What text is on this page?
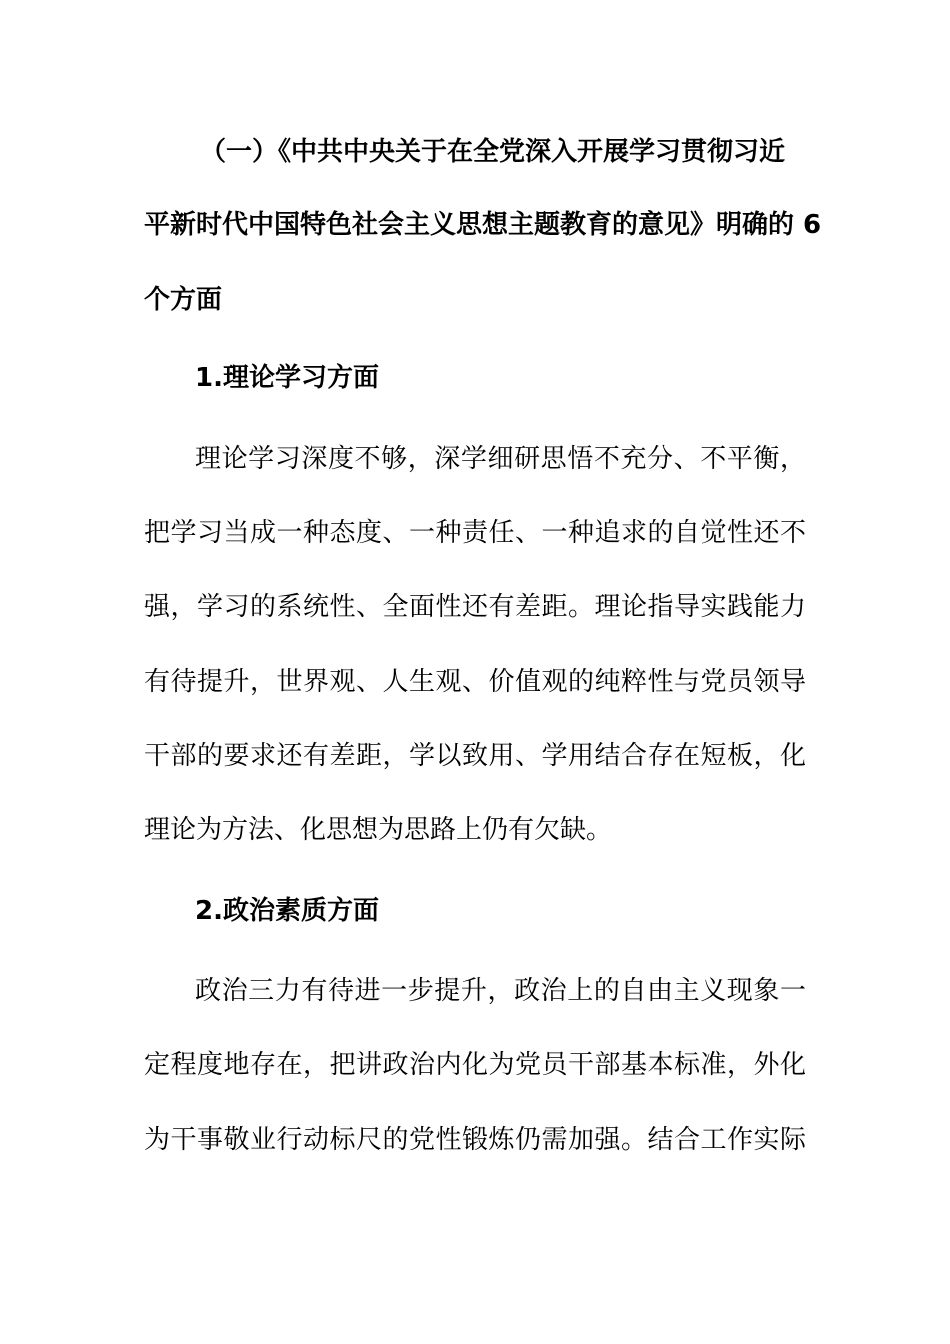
（一）《中共中央关于在全党深入开展学习贯彻习近
平新时代中国特色社会主义思想主题教育的意见》明确的 6
个方面
1.理论学习方面
理论学习深度不够，深学细研思悟不充分、不平衡，
把学习当成一种态度、一种责任、一种追求的自觉性还不
强，学习的系统性、全面性还有差距。理论指导实践能力
有待提升，世界观、人生观、价值观的纯粹性与党员领导
干部的要求还有差距，学以致用、学用结合存在短板，化
理论为方法、化思想为思路上仍有欠缺。
2.政治素质方面
政治三力有待进一步提升，政治上的自由主义现象一
定程度地存在，把讲政治内化为党员干部基本标准，外化
为干事敬业行动标尺的党性锻炼仍需加强。结合工作实际
